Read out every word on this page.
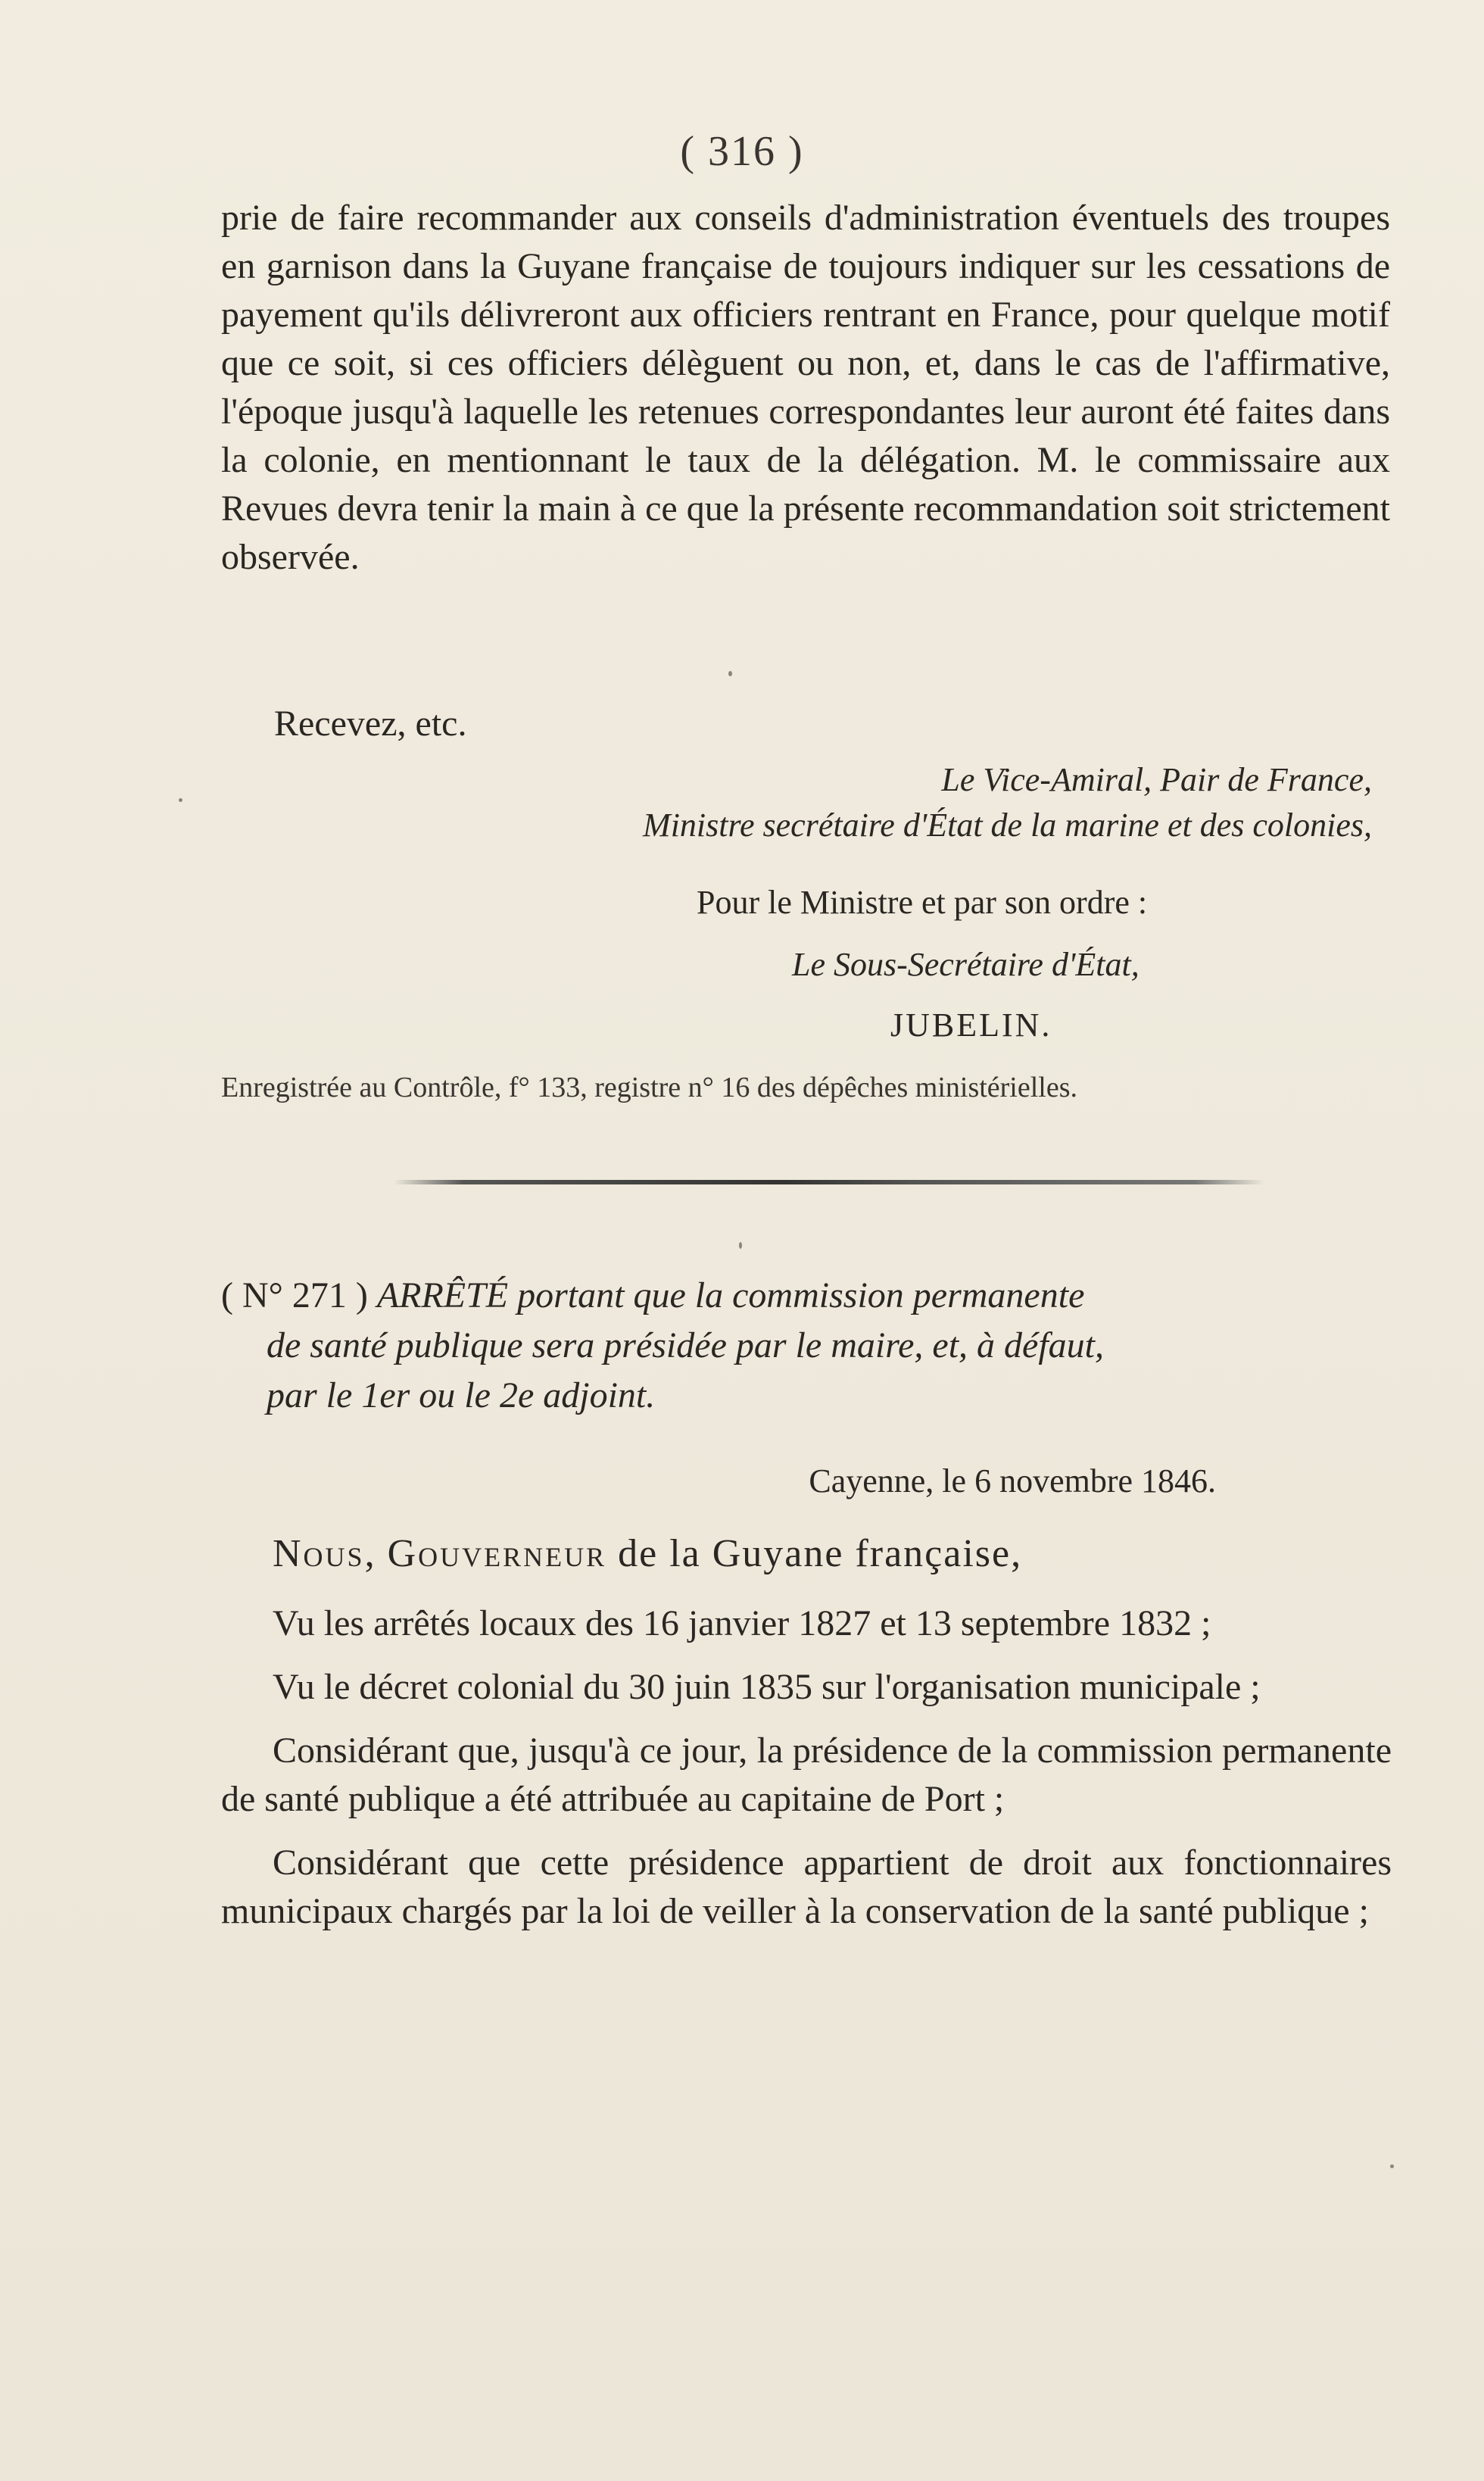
( 316 )

prie de faire recommander aux conseils d'administration éventuels des troupes en garnison dans la Guyane française de toujours indiquer sur les cessations de payement qu'ils délivreront aux officiers rentrant en France, pour quelque motif que ce soit, si ces officiers délèguent ou non, et, dans le cas de l'affirmative, l'époque jusqu'à laquelle les retenues correspondantes leur auront été faites dans la colonie, en mentionnant le taux de la délégation. M. le commissaire aux Revues devra tenir la main à ce que la présente recommandation soit strictement observée.

Recevez, etc.

Le Vice-Amiral, Pair de France,
Ministre secrétaire d'État de la marine et des colonies,
Pour le Ministre et par son ordre :
Le Sous-Secrétaire d'État,
JUBELIN.
Enregistrée au Contrôle, f° 133, registre n° 16 des dépêches ministérielles.
( N° 271 ) ARRÊTÉ portant que la commission permanente
de santé publique sera présidée par le maire, et, à défaut,
par le 1er ou le 2e adjoint.
Cayenne, le 6 novembre 1846.
Nous, Gouverneur de la Guyane française,

Vu les arrêtés locaux des 16 janvier 1827 et 13 septembre 1832 ;

Vu le décret colonial du 30 juin 1835 sur l'organisation municipale ;

Considérant que, jusqu'à ce jour, la présidence de la commission permanente de santé publique a été attribuée au capitaine de Port ;

Considérant que cette présidence appartient de droit aux fonctionnaires municipaux chargés par la loi de veiller à la conservation de la santé publique ;
